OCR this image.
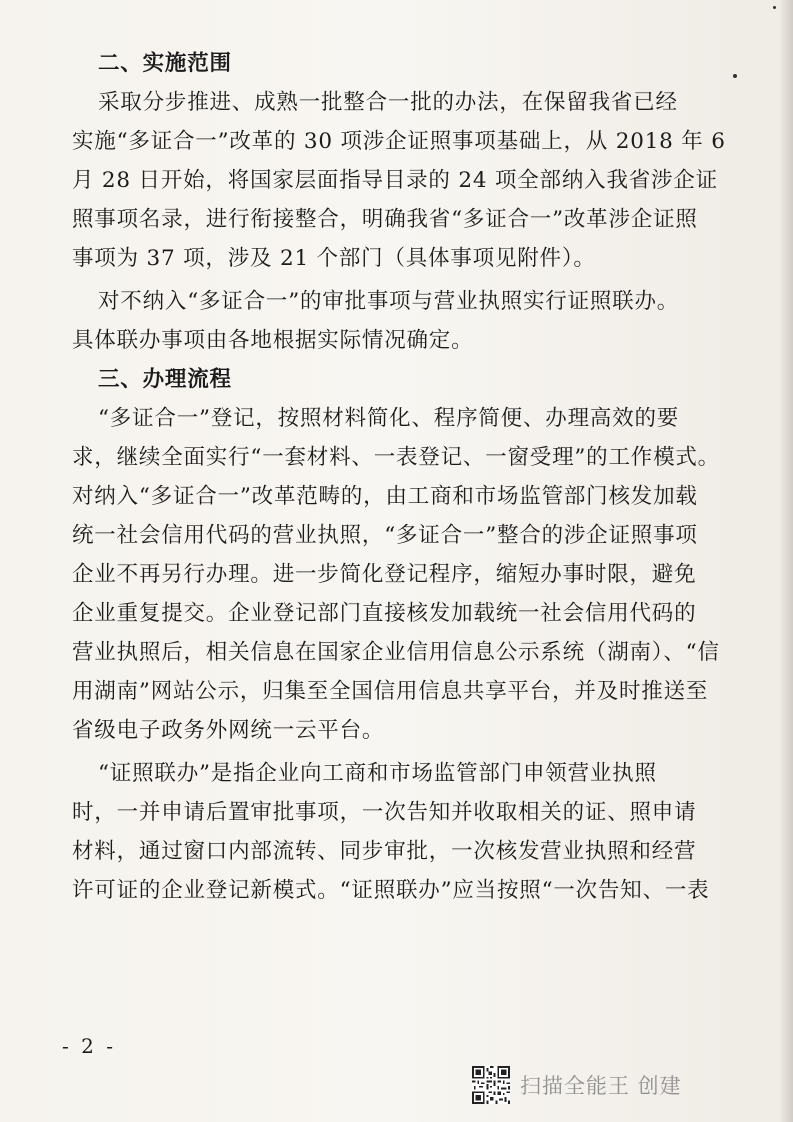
二、实施范围

采取分步推进、成熟一批整合一批的办法，在保留我省已经
实施“多证合一”改革的 30 项涉企证照事项基础上，从 2018 年 6
月 28 日开始，将国家层面指导目录的 24 项全部纳入我省涉企证
照事项名录，进行衔接整合，明确我省“多证合一”改革涉企证照
事项为 37 项，涉及 21 个部门（具体事项见附件）。
对不纳入“多证合一”的审批事项与营业执照实行证照联办。
具体联办事项由各地根据实际情况确定。

三、办理流程

“多证合一”登记，按照材料简化、程序简便、办理高效的要
求，继续全面实行“一套材料、一表登记、一窗受理”的工作模式。
对纳入“多证合一”改革范畴的，由工商和市场监管部门核发加载
统一社会信用代码的营业执照，“多证合一”整合的涉企证照事项
企业不再另行办理。进一步简化登记程序，缩短办事时限，避免
企业重复提交。企业登记部门直接核发加载统一社会信用代码的
营业执照后，相关信息在国家企业信用信息公示系统（湖南）、“信
用湖南”网站公示，归集至全国信用信息共享平台，并及时推送至
省级电子政务外网统一云平台。
“证照联办”是指企业向工商和市场监管部门申领营业执照
时，一并申请后置审批事项，一次告知并收取相关的证、照申请
材料，通过窗口内部流转、同步审批，一次核发营业执照和经营
许可证的企业登记新模式。“证照联办”应当按照“一次告知、一表
- 2 -
扫描全能王 创建
